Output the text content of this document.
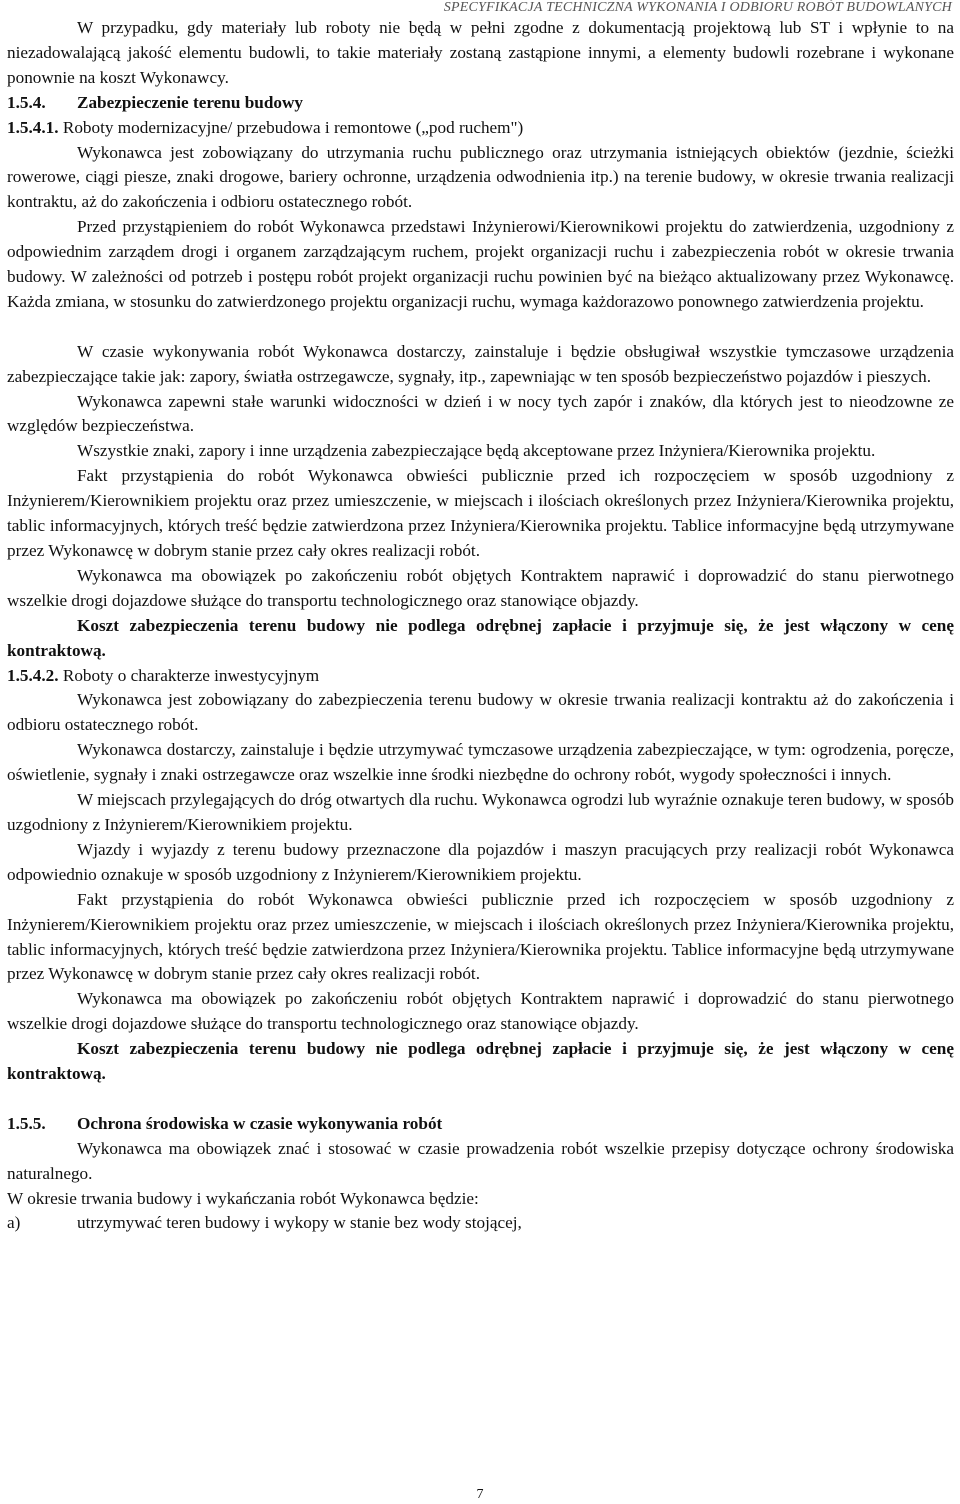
SPECYFIKACJA TECHNICZNA WYKONANIA I ODBIORU ROBÓT BUDOWLANYCH

W przypadku, gdy materiały lub roboty nie będą w pełni zgodne z dokumentacją projektową lub ST i wpłynie to na niezadowalającą jakość elementu budowli, to takie materiały zostaną zastąpione innymi, a elementy budowli rozebrane i wykonane ponownie na koszt Wykonawcy.

1.5.4. Zabezpieczenie terenu budowy
1.5.4.1. Roboty modernizacyjne/ przebudowa i remontowe („pod ruchem")

Wykonawca jest zobowiązany do utrzymania ruchu publicznego oraz utrzymania istniejących obiektów (jezdnie, ścieżki rowerowe, ciągi piesze, znaki drogowe, bariery ochronne, urządzenia odwodnienia itp.) na terenie budowy, w okresie trwania realizacji kontraktu, aż do zakończenia i odbioru ostatecznego robót.

Przed przystąpieniem do robót Wykonawca przedstawi Inżynierowi/Kierownikowi projektu do zatwierdzenia, uzgodniony z odpowiednim zarządem drogi i organem zarządzającym ruchem, projekt organizacji ruchu i zabezpieczenia robót w okresie trwania budowy. W zależności od potrzeb i postępu robót projekt organizacji ruchu powinien być na bieżąco aktualizowany przez Wykonawcę. Każda zmiana, w stosunku do zatwierdzonego projektu organizacji ruchu, wymaga każdorazowo ponownego zatwierdzenia projektu.

W czasie wykonywania robót Wykonawca dostarczy, zainstaluje i będzie obsługiwał wszystkie tymczasowe urządzenia zabezpieczające takie jak: zapory, światła ostrzegawcze, sygnały, itp., zapewniając w ten sposób bezpieczeństwo pojazdów i pieszych.

Wykonawca zapewni stałe warunki widoczności w dzień i w nocy tych zapór i znaków, dla których jest to nieodzowne ze względów bezpieczeństwa.

Wszystkie znaki, zapory i inne urządzenia zabezpieczające będą akceptowane przez Inżyniera/Kierownika projektu.

Fakt przystąpienia do robót Wykonawca obwieści publicznie przed ich rozpoczęciem w sposób uzgodniony z Inżynierem/Kierownikiem projektu oraz przez umieszczenie, w miejscach i ilościach określonych przez Inżyniera/Kierownika projektu, tablic informacyjnych, których treść będzie zatwierdzona przez Inżyniera/Kierownika projektu. Tablice informacyjne będą utrzymywane przez Wykonawcę w dobrym stanie przez cały okres realizacji robót.

Wykonawca ma obowiązek po zakończeniu robót objętych Kontraktem naprawić i doprowadzić do stanu pierwotnego wszelkie drogi dojazdowe służące do transportu technologicznego oraz stanowiące objazdy.

Koszt zabezpieczenia terenu budowy nie podlega odrębnej zapłacie i przyjmuje się, że jest włączony w cenę kontraktową.

1.5.4.2. Roboty o charakterze inwestycyjnym

Wykonawca jest zobowiązany do zabezpieczenia terenu budowy w okresie trwania realizacji kontraktu aż do zakończenia i odbioru ostatecznego robót.

Wykonawca dostarczy, zainstaluje i będzie utrzymywać tymczasowe urządzenia zabezpieczające, w tym: ogrodzenia, poręcze, oświetlenie, sygnały i znaki ostrzegawcze oraz wszelkie inne środki niezbędne do ochrony robót, wygody społeczności i innych.

W miejscach przylegających do dróg otwartych dla ruchu. Wykonawca ogrodzi lub wyraźnie oznakuje teren budowy, w sposób uzgodniony z Inżynierem/Kierownikiem projektu.

Wjazdy i wyjazdy z terenu budowy przeznaczone dla pojazdów i maszyn pracujących przy realizacji robót Wykonawca odpowiednio oznakuje w sposób uzgodniony z Inżynierem/Kierownikiem projektu.

Fakt przystąpienia do robót Wykonawca obwieści publicznie przed ich rozpoczęciem w sposób uzgodniony z Inżynierem/Kierownikiem projektu oraz przez umieszczenie, w miejscach i ilościach określonych przez Inżyniera/Kierownika projektu, tablic informacyjnych, których treść będzie zatwierdzona przez Inżyniera/Kierownika projektu. Tablice informacyjne będą utrzymywane przez Wykonawcę w dobrym stanie przez cały okres realizacji robót.

Wykonawca ma obowiązek po zakończeniu robót objętych Kontraktem naprawić i doprowadzić do stanu pierwotnego wszelkie drogi dojazdowe służące do transportu technologicznego oraz stanowiące objazdy.

Koszt zabezpieczenia terenu budowy nie podlega odrębnej zapłacie i przyjmuje się, że jest włączony w cenę kontraktową.

1.5.5. Ochrona środowiska w czasie wykonywania robót

Wykonawca ma obowiązek znać i stosować w czasie prowadzenia robót wszelkie przepisy dotyczące ochrony środowiska naturalnego.

W okresie trwania budowy i wykańczania robót Wykonawca będzie:
a)	utrzymywać teren budowy i wykopy w stanie bez wody stojącej,
7
